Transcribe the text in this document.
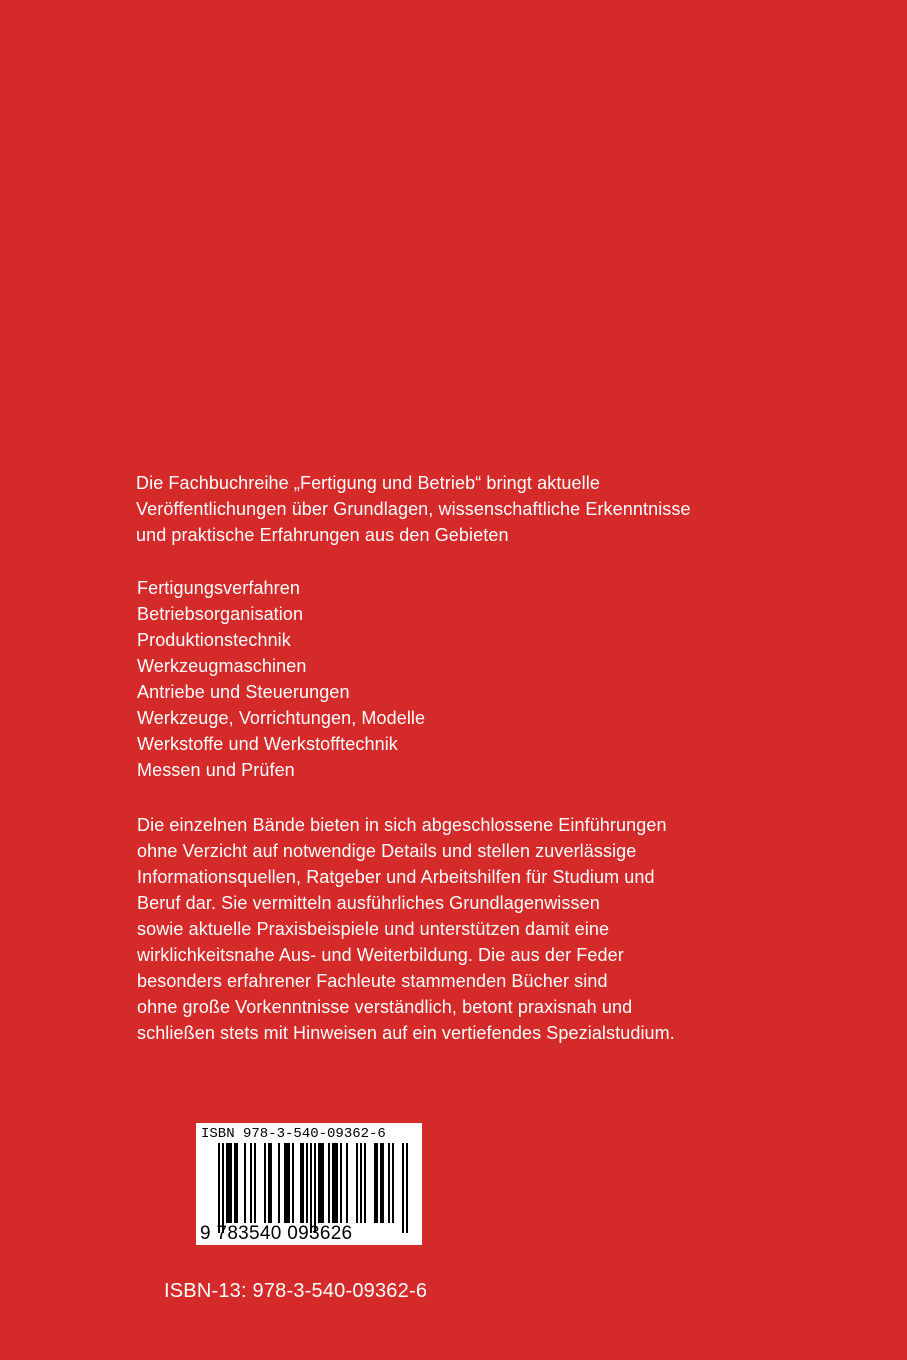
Die Fachbuchreihe „Fertigung und Betrieb“ bringt aktuelle
Veröffentlichungen über Grundlagen, wissenschaftliche Erkenntnisse
und praktische Erfahrungen aus den Gebieten
Fertigungsverfahren
Betriebsorganisation
Produktionstechnik
Werkzeugmaschinen
Antriebe und Steuerungen
Werkzeuge, Vorrichtungen, Modelle
Werkstoffe und Werkstofftechnik
Messen und Prüfen
Die einzelnen Bände bieten in sich abgeschlossene Einführungen
ohne Verzicht auf notwendige Details und stellen zuverlässige
Informationsquellen, Ratgeber und Arbeitshilfen für Studium und
Beruf dar. Sie vermitteln ausführliches Grundlagenwissen
sowie aktuelle Praxisbeispiele und unterstützen damit eine
wirklichkeitsnahe Aus- und Weiterbildung. Die aus der Feder
besonders erfahrener Fachleute stammenden Bücher sind
ohne große Vorkenntnisse verständlich, betont praxisnah und
schließen stets mit Hinweisen auf ein vertiefendes Spezialstudium.
ISBN 978-3-540-09362-6
9 783540 093626
ISBN-13: 978-3-540-09362-6
